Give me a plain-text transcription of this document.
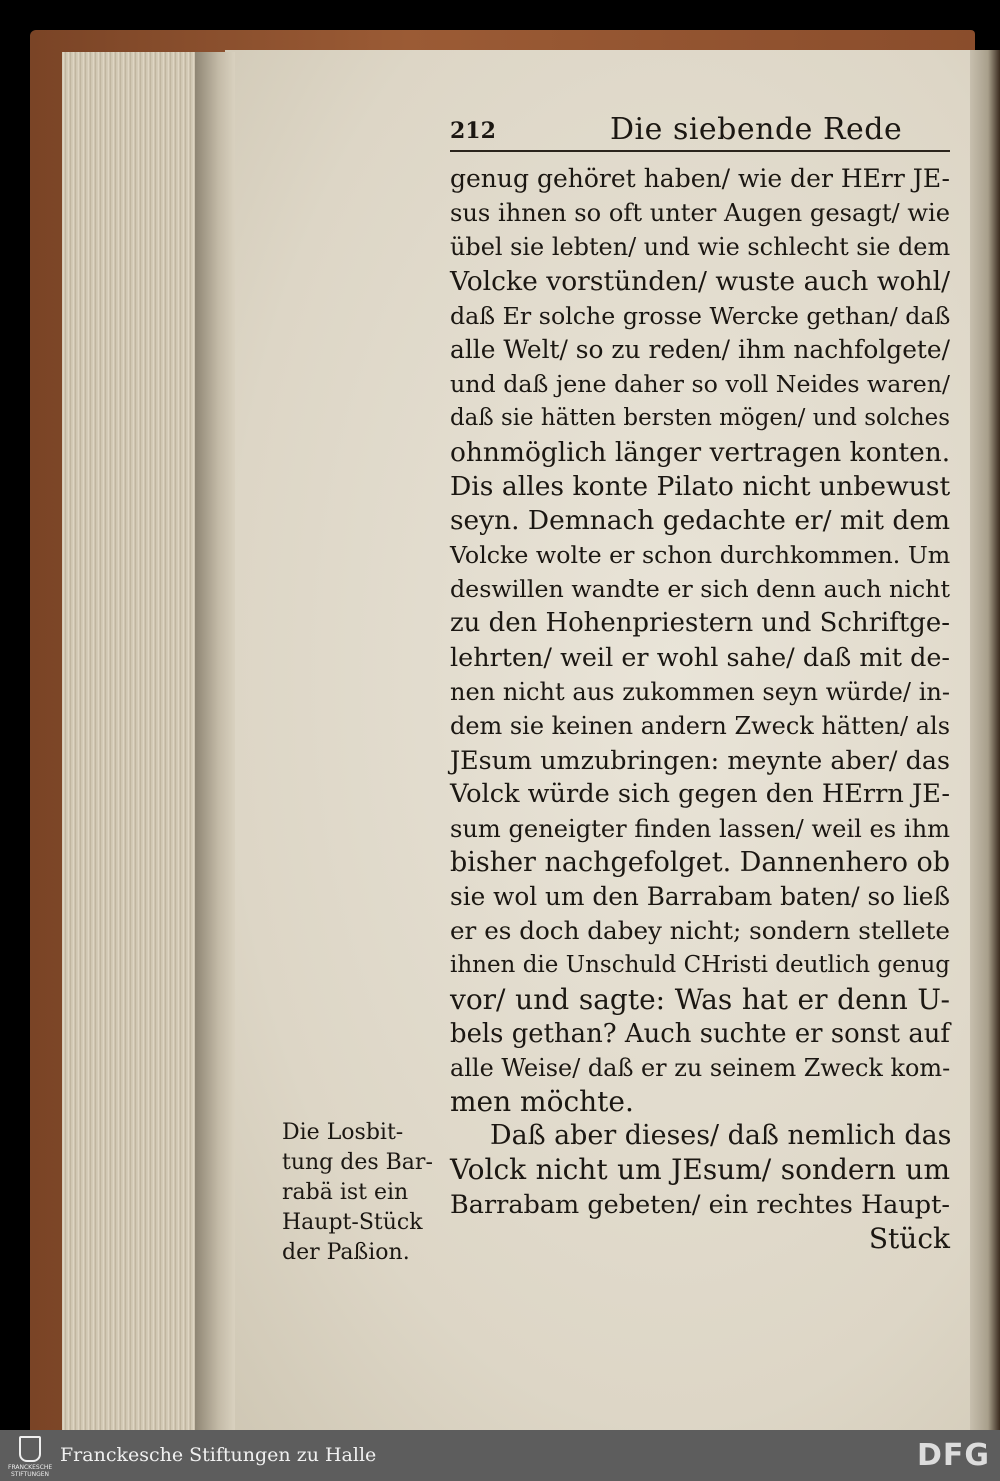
212	Die siebende Rede
genug gehöret haben/ wie der HErr JE-
sus ihnen so oft unter Augen gesagt/ wie
übel sie lebten/ und wie schlecht sie dem
Volcke vorstünden/ wuste auch wohl/
daß Er solche grosse Wercke gethan/ daß
alle Welt/ so zu reden/ ihm nachfolgete/
und daß jene daher so voll Neides waren/
daß sie hätten bersten mögen/ und solches
ohnmöglich länger vertragen konten.
Dis alles konte Pilato nicht unbewust
seyn. Demnach gedachte er/ mit dem
Volcke wolte er schon durchkommen. Um
deswillen wandte er sich denn auch nicht
zu den Hohenpriestern und Schriftge-
lehrten/ weil er wohl sahe/ daß mit de-
nen nicht aus zukommen seyn würde/ in-
dem sie keinen andern Zweck hätten/ als
JEsum umzubringen: meynte aber/ das
Volck würde sich gegen den HErrn JE-
sum geneigter finden lassen/ weil es ihm
bisher nachgefolget. Dannenhero ob
sie wol um den Barrabam baten/ so ließ
er es doch dabey nicht; sondern stellete
ihnen die Unschuld CHristi deutlich genug
vor/ und sagte: Was hat er denn U-
bels gethan? Auch suchte er sonst auf
alle Weise/ daß er zu seinem Zweck kom-
men möchte.
Daß aber dieses/ daß nemlich das
Volck nicht um JEsum/ sondern um
Barrabam gebeten/ ein rechtes Haupt-
Stück
Die Losbit-
tung des Bar-
rabä ist ein
Haupt-Stück
der Paßion.
FRANCKESCHE
STIFTUNGEN
Franckesche Stiftungen zu Halle	DFG
